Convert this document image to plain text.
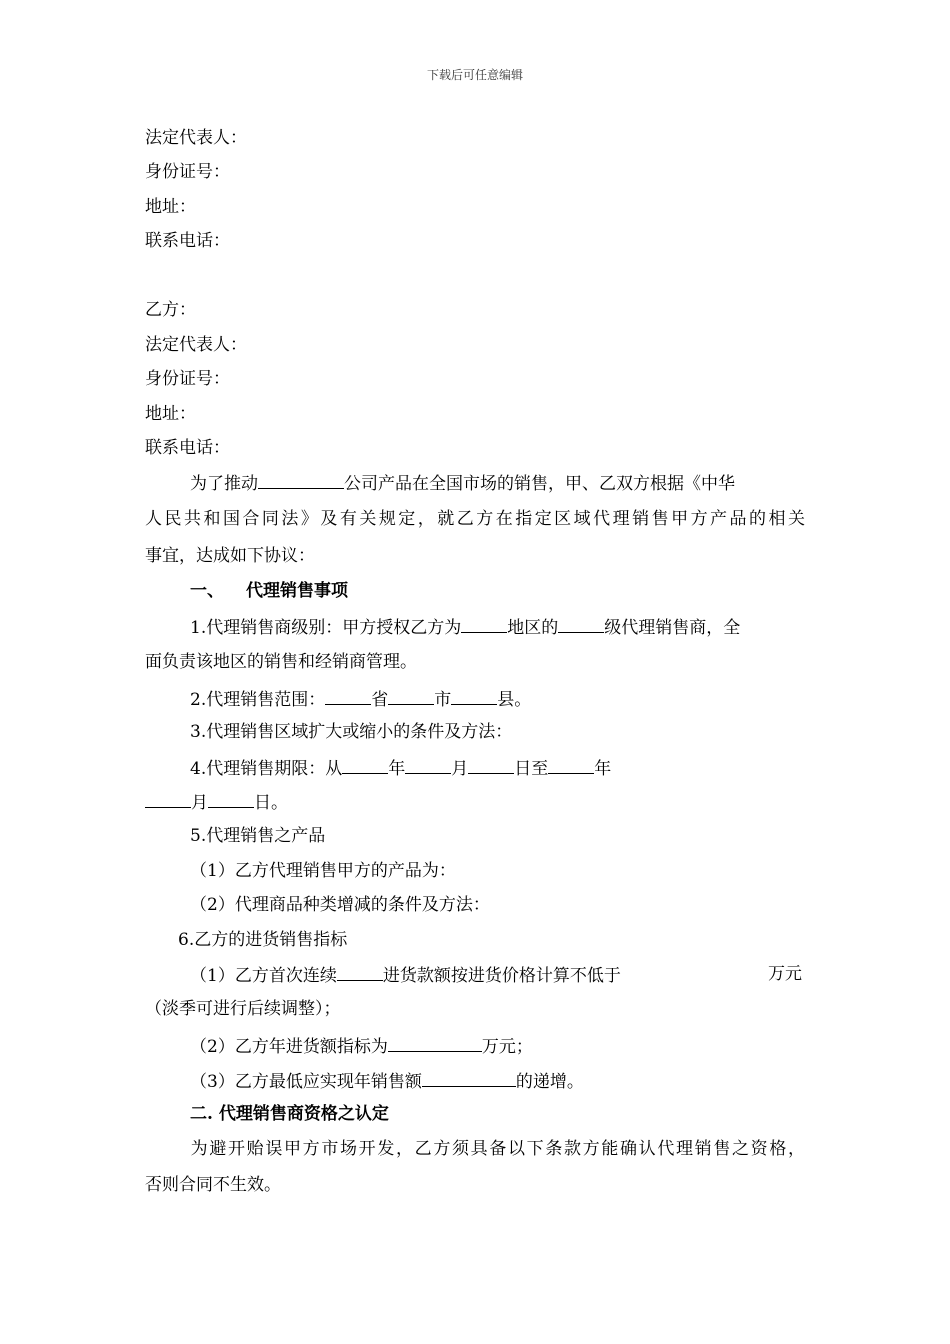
下载后可任意编辑
法定代表人：
身份证号：
地址：
联系电话：
乙方：
法定代表人：
身份证号：
地址：
联系电话：
为了推动	公司产品在全国市场的销售，甲、乙双方根据《中华
人民共和国合同法》及有关规定，就乙方在指定区域代理销售甲方产品的相关
事宜，达成如下协议：
一、 代理销售事项
1.代理销售商级别：甲方授权乙方为	地区的	级代理销售商，全
面负责该地区的销售和经销商管理。
2.代理销售范围：	省	市	县。
3.代理销售区域扩大或缩小的条件及方法：
4.代理销售期限：从	年	月	日至	年
月	日。
5.代理销售之产品
（1）乙方代理销售甲方的产品为：
（2）代理商品种类增减的条件及方法：
6.乙方的进货销售指标
（1）乙方首次连续	进货款额按进货价格计算不低于	万元
（淡季可进行后续调整）；
（2）乙方年进货额指标为	万元；
（3）乙方最低应实现年销售额	的递增。
二. 代理销售商资格之认定
为避开贻误甲方市场开发，乙方须具备以下条款方能确认代理销售之资格，
否则合同不生效。
